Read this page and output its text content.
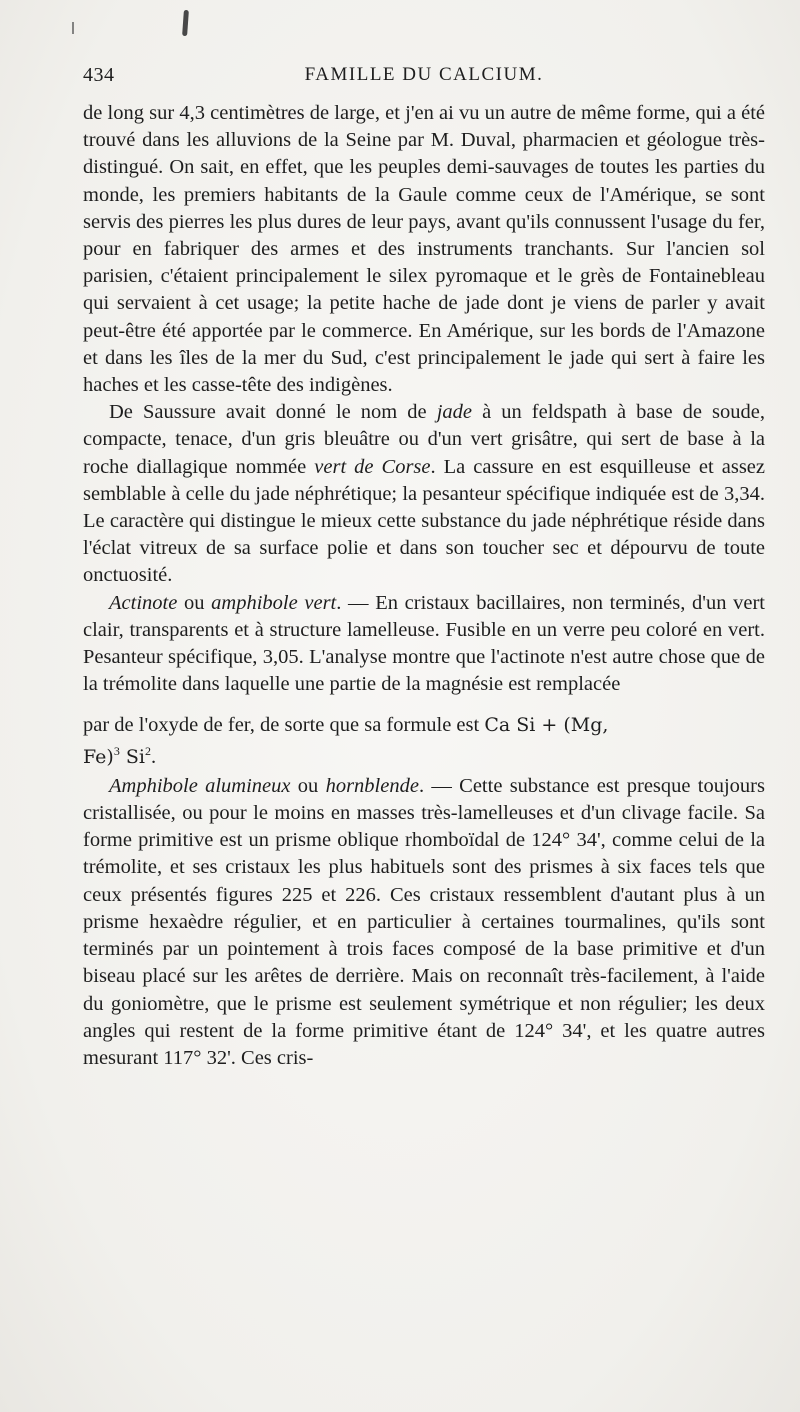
434	FAMILLE DU CALCIUM.

de long sur 4,3 centimètres de large, et j'en ai vu un autre de même forme, qui a été trouvé dans les alluvions de la Seine par M. Duval, pharmacien et géologue très-distingué. On sait, en effet, que les peuples demi-sauvages de toutes les parties du monde, les premiers habitants de la Gaule comme ceux de l'Amérique, se sont servis des pierres les plus dures de leur pays, avant qu'ils connussent l'usage du fer, pour en fabriquer des armes et des instruments tranchants. Sur l'ancien sol parisien, c'étaient principalement le silex pyromaque et le grès de Fontainebleau qui servaient à cet usage; la petite hache de jade dont je viens de parler y avait peut-être été apportée par le commerce. En Amérique, sur les bords de l'Amazone et dans les îles de la mer du Sud, c'est principalement le jade qui sert à faire les haches et les casse-tête des indigènes.

De Saussure avait donné le nom de jade à un feldspath à base de soude, compacte, tenace, d'un gris bleuâtre ou d'un vert grisâtre, qui sert de base à la roche diallagique nommée vert de Corse. La cassure en est esquilleuse et assez semblable à celle du jade néphrétique; la pesanteur spécifique indiquée est de 3,34. Le caractère qui distingue le mieux cette substance du jade néphrétique réside dans l'éclat vitreux de sa surface polie et dans son toucher sec et dépourvu de toute onctuosité.

Actinote ou amphibole vert. — En cristaux bacillaires, non terminés, d'un vert clair, transparents et à structure lamelleuse. Fusible en un verre peu coloré en vert. Pesanteur spécifique, 3,05. L'analyse montre que l'actinote n'est autre chose que de la trémolite dans laquelle une partie de la magnésie est remplacée

par de l'oxyde de fer, de sorte que sa formule est Ca Si + (Mg,

Fe)$^3$ Si$^2$.

Amphibole alumineux ou hornblende. — Cette substance est presque toujours cristallisée, ou pour le moins en masses très-lamelleuses et d'un clivage facile. Sa forme primitive est un prisme oblique rhomboïdal de 124° 34', comme celui de la trémolite, et ses cristaux les plus habituels sont des prismes à six faces tels que ceux présentés figures 225 et 226. Ces cristaux ressemblent d'autant plus à un prisme hexaèdre régulier, et en particulier à certaines tourmalines, qu'ils sont terminés par un pointement à trois faces composé de la base primitive et d'un biseau placé sur les arêtes de derrière. Mais on reconnaît très-facilement, à l'aide du goniomètre, que le prisme est seulement symétrique et non régulier; les deux angles qui restent de la forme primitive étant de 124° 34', et les quatre autres mesurant 117° 32'. Ces cris-
